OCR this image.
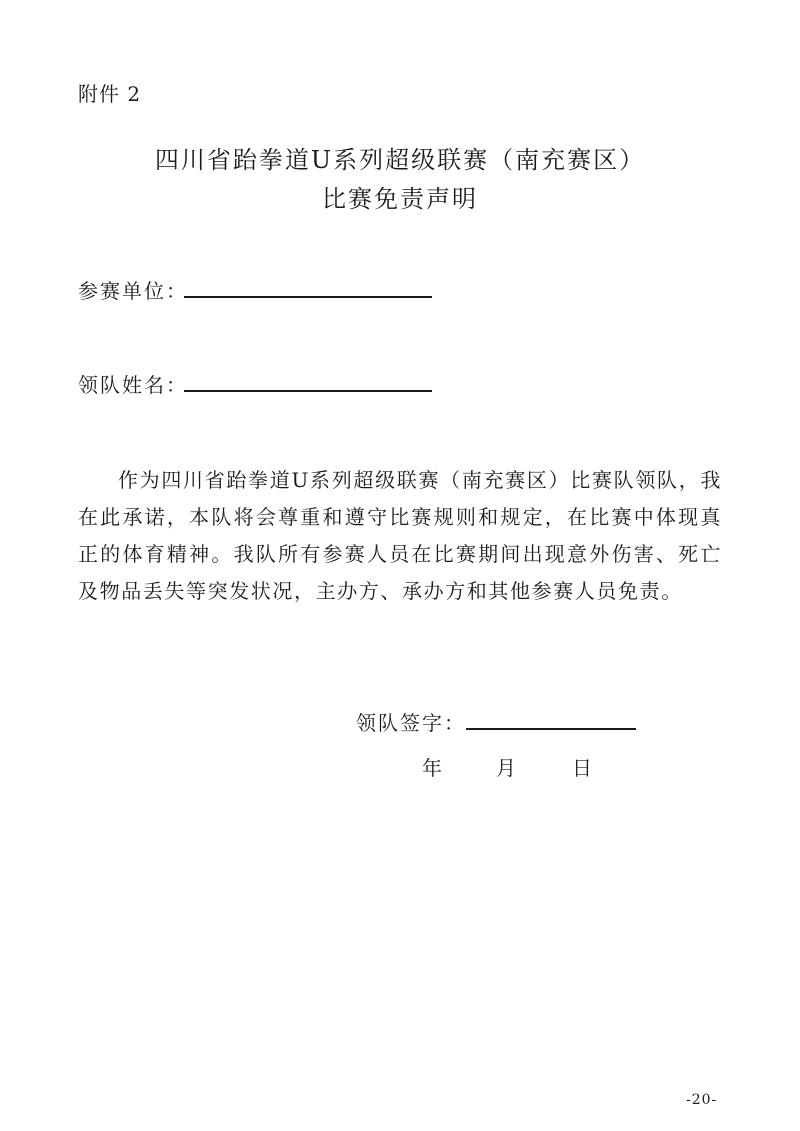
附件 2
四川省跆拳道U系列超级联赛（南充赛区）
比赛免责声明
参赛单位：
领队姓名：
作为四川省跆拳道U系列超级联赛（南充赛区）比赛队领队，我在此承诺，本队将会尊重和遵守比赛规则和规定，在比赛中体现真正的体育精神。我队所有参赛人员在比赛期间出现意外伤害、死亡及物品丢失等突发状况，主办方、承办方和其他参赛人员免责。
领队签字：
年	月	日
-20-
